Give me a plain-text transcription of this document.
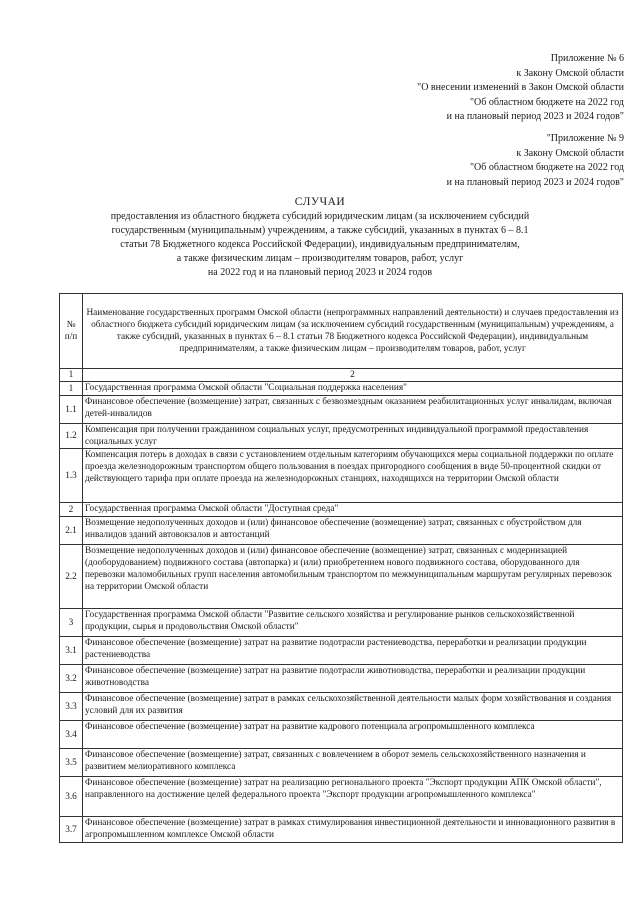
Приложение № 6
к Закону Омской области
"О внесении изменений в Закон Омской области
"Об областном бюджете на 2022 год
и на плановый период 2023 и 2024 годов"
"Приложение № 9
к Закону Омской области
"Об областном бюджете на 2022 год
и на плановый период 2023 и 2024 годов"
СЛУЧАИ
предоставления из областного бюджета субсидий юридическим лицам (за исключением субсидий
государственным (муниципальным) учреждениям, а также субсидий, указанных в пунктах 6 – 8.1
статьи 78 Бюджетного кодекса Российской Федерации), индивидуальным предпринимателям,
а также физическим лицам – производителям товаров, работ, услуг
на 2022 год и на плановый период 2023 и 2024 годов
№ п/п	Наименование государственных программ Омской области (непрограммных направлений деятельности) и случаев предоставления из областного бюджета субсидий юридическим лицам (за исключением субсидий государственным (муниципальным) учреждениям, а также субсидий, указанных в пунктах 6 – 8.1 статьи 78 Бюджетного кодекса Российской Федерации), индивидуальным предпринимателям, а также физическим лицам – производителям товаров, работ, услуг
1	2
1	Государственная программа Омской области "Социальная поддержка населения"
1.1	Финансовое обеспечение (возмещение) затрат, связанных с безвозмездным оказанием реабилитационных услуг инвалидам, включая детей-инвалидов
1.2	Компенсация при получении гражданином социальных услуг, предусмотренных индивидуальной программой предоставления социальных услуг
1.3	Компенсация потерь в доходах в связи с установлением отдельным категориям обучающихся меры социальной поддержки по оплате проезда железнодорожным транспортом общего пользования в поездах пригородного сообщения в виде 50-процентной скидки от действующего тарифа при оплате проезда на железнодорожных станциях, находящихся на территории Омской области
2	Государственная программа Омской области "Доступная среда"
2.1	Возмещение недополученных доходов и (или) финансовое обеспечение (возмещение) затрат, связанных с обустройством для инвалидов зданий автовокзалов и автостанций
2.2	Возмещение недополученных доходов и (или) финансовое обеспечение (возмещение) затрат, связанных с модернизацией (дооборудованием) подвижного состава (автопарка) и (или) приобретением нового подвижного состава, оборудованного для перевозки маломобильных групп населения автомобильным транспортом по межмуниципальным маршрутам регулярных перевозок на территории Омской области
3	Государственная программа Омской области "Развитие сельского хозяйства и регулирование рынков сельскохозяйственной продукции, сырья и продовольствия Омской области"
3.1	Финансовое обеспечение (возмещение) затрат на развитие подотрасли растениеводства, переработки и реализации продукции растениеводства
3.2	Финансовое обеспечение (возмещение) затрат на развитие подотрасли животноводства, переработки и реализации продукции животноводства
3.3	Финансовое обеспечение (возмещение) затрат в рамках сельскохозяйственной деятельности малых форм хозяйствования и создания условий для их развития
3.4	Финансовое обеспечение (возмещение) затрат на развитие кадрового потенциала агропромышленного комплекса
3.5	Финансовое обеспечение (возмещение) затрат, связанных с вовлечением в оборот земель сельскохозяйственного назначения и развитием мелиоративного комплекса
3.6	Финансовое обеспечение (возмещение) затрат на реализацию регионального проекта "Экспорт продукции АПК Омской области", направленного на достижение целей федерального проекта "Экспорт продукции агропромышленного комплекса"
3.7	Финансовое обеспечение (возмещение) затрат в рамках стимулирования инвестиционной деятельности и инновационного развития в агропромышленном комплексе Омской области
